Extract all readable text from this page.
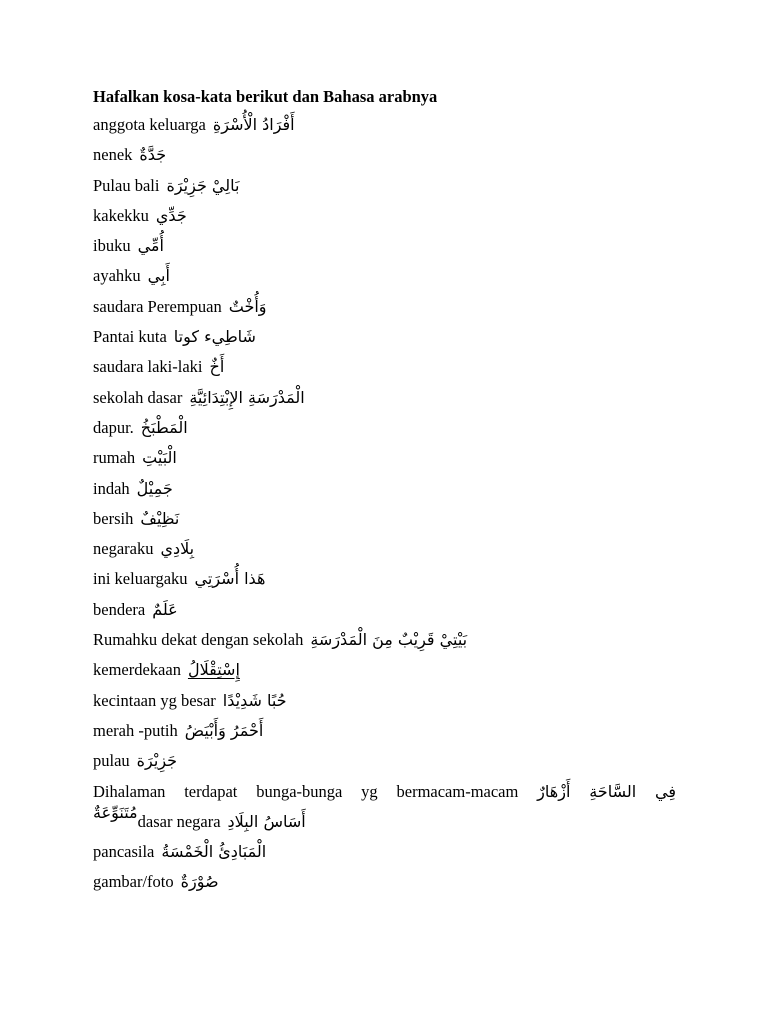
Hafalkan kosa-kata berikut dan Bahasa arabnya
anggota keluarga أَفْرَادُ الْأُسْرَةِ
nenek جَدَّةٌ
Pulau bali بَالِيْ جَزِيْرَة
kakekku جَدِّي
ibuku أُمِّي
ayahku أَبِي
saudara Perempuan وَأُخْتٌ
Pantai kuta شَاطِيء كوتا
saudara laki-laki أَخٌ
sekolah dasar الْمَدْرَسَةِ الإِبْتِدَائِيَّةِ
dapur. الْمَطْبَخُ
rumah الْبَيْتِ
indah جَمِيْلٌ
bersih نَظِيْفٌ
negaraku بِلَادِي
ini keluargaku هَذا أُسْرَتِي
bendera عَلَمٌ
Rumahku dekat dengan sekolah بَيْتِيْ قَرِيْبٌ مِنَ الْمَدْرَسَةِ
kemerdekaan إِسْتِقْلَالُ
kecintaan yg besar حُبًا شَدِيْدًا
merah -putih أَحْمَرُ وَأَبْيَضُ
pulau جَزِيْرَة
Dihalaman terdapat bunga-bunga yg bermacam-macam أَزْهَارٌ السَّاحَةِ فِي
مُتَنَوِّعَةٌ dasar negara أَسَاسُ البِلَادِ
pancasila الْمَبَادِئُ الْخَمْسَةُ
gambar/foto صُوْرَةٌ
